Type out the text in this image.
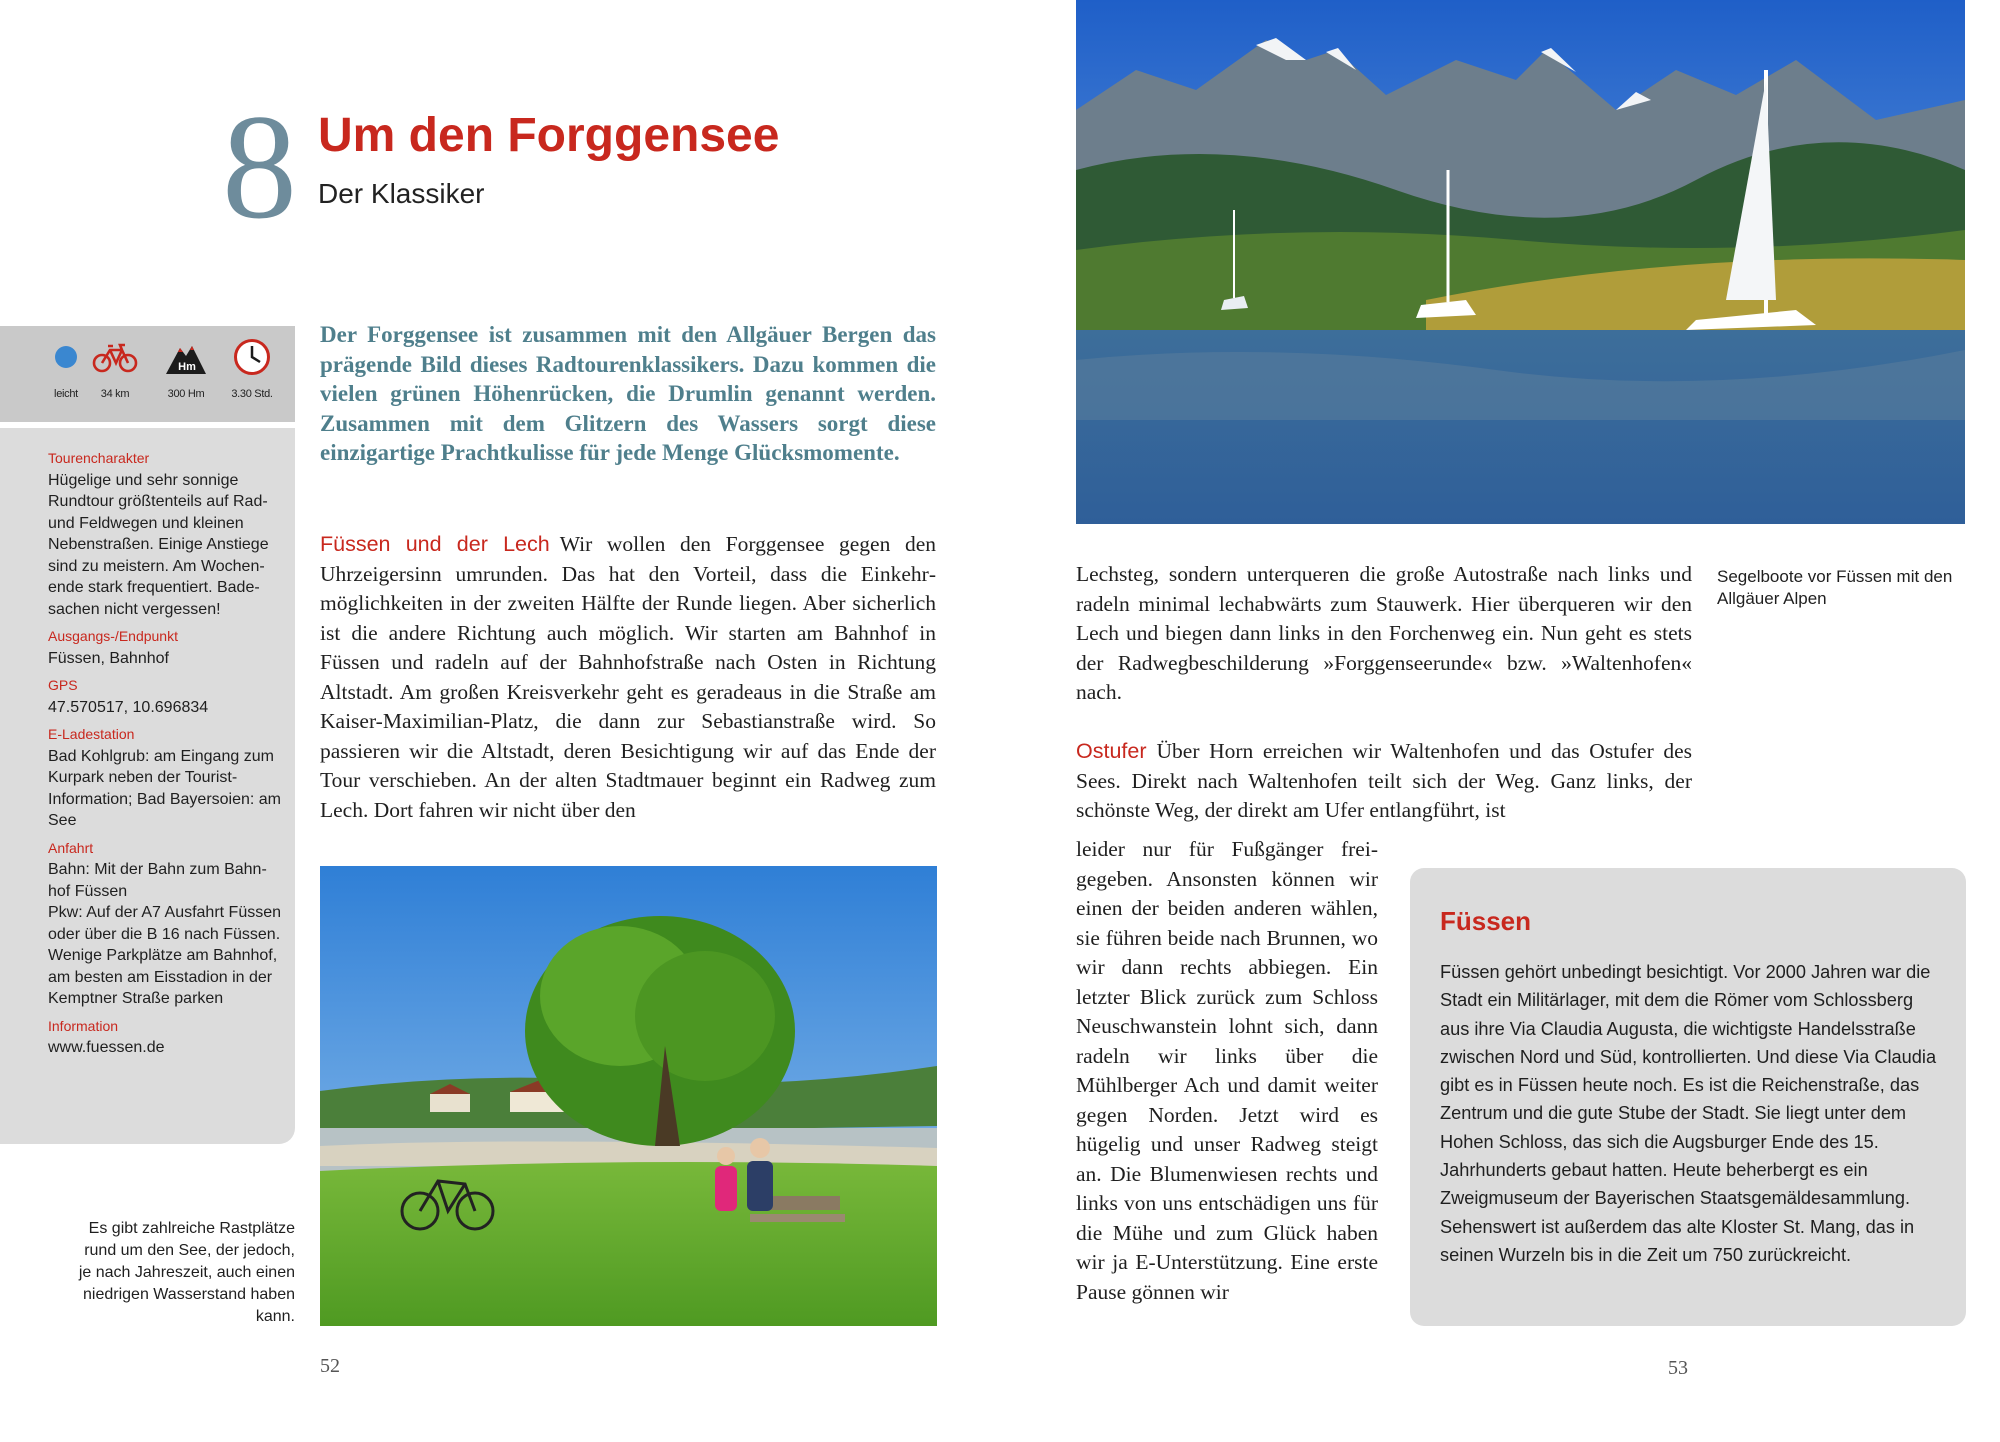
8 Um den Forggensee
Der Klassiker
leicht	34 km
Hm
300 Hm	3.30 Std.
Tourencharakter
Hügelige und sehr sonnige Rundtour größtenteils auf Rad- und Feldwegen und kleinen Nebenstraßen. Einige Anstiege sind zu meistern. Am Wochenende stark frequentiert. Badesachen nicht vergessen!
Ausgangs-/Endpunkt
Füssen, Bahnhof
GPS
47.570517, 10.696834
E-Ladestation
Bad Kohlgrub: am Eingang zum Kurpark neben der Tourist-Information; Bad Bayersoien: am See
Anfahrt
Bahn: Mit der Bahn zum Bahnhof Füssen
Pkw: Auf der A7 Ausfahrt Füssen oder über die B 16 nach Füssen. Wenige Parkplätze am Bahnhof, am besten am Eisstadion in der Kemptner Straße parken
Information
www.fuessen.de
Es gibt zahlreiche Rastplätze
rund um den See, der jedoch,
je nach Jahreszeit, auch einen
niedrigen Wasserstand haben
kann.
Der Forggensee ist zusammen mit den Allgäuer Bergen das prägende Bild dieses Radtourenklassikers. Dazu kommen die vielen grünen Höhenrücken, die Drumlin genannt werden. Zusammen mit dem Glitzern des Wassers sorgt diese einzigartige Prachtkulisse für jede Menge Glücksmomente.
Füssen und der Lech Wir wollen den Forggensee gegen den Uhrzeigersinn umrunden. Das hat den Vorteil, dass die Einkehrmöglichkeiten in der zweiten Hälfte der Runde liegen. Aber sicherlich ist die andere Richtung auch möglich. Wir starten am Bahnhof in Füssen und radeln auf der Bahnhofstraße nach Osten in Richtung Altstadt. Am großen Kreisverkehr geht es geradeaus in die Straße am Kaiser-Maximilian-Platz, die dann zur Sebastianstraße wird. So passieren wir die Altstadt, deren Besichtigung wir auf das Ende der Tour verschieben. An der alten Stadtmauer beginnt ein Radweg zum Lech. Dort fahren wir nicht über den
52
Lechsteg, sondern unterqueren die große Autostraße nach links und radeln minimal lechabwärts zum Stauwerk. Hier überqueren wir den Lech und biegen dann links in den Forchenweg ein. Nun geht es stets der Radwegbeschilderung »Forggenseerunde« bzw. »Waltenhofen« nach.
Ostufer Über Horn erreichen wir Waltenhofen und das Ostufer des Sees. Direkt nach Waltenhofen teilt sich der Weg. Ganz links, der schönste Weg, der direkt am Ufer entlangführt, ist
leider nur für Fußgänger freigegeben. Ansonsten können wir einen der beiden anderen wählen, sie führen beide nach Brunnen, wo wir dann rechts abbiegen. Ein letzter Blick zurück zum Schloss Neuschwanstein lohnt sich, dann radeln wir links über die Mühlberger Ach und damit weiter gegen Norden. Jetzt wird es hügelig und unser Radweg steigt an. Die Blumenwiesen rechts und links von uns entschädigen uns für die Mühe und zum Glück haben wir ja E-Unterstützung. Eine erste Pause gönnen wir
Segelboote vor Füssen mit den Allgäuer Alpen
Füssen
Füssen gehört unbedingt besichtigt. Vor 2000 Jahren war die Stadt ein Militärlager, mit dem die Römer vom Schlossberg aus ihre Via Claudia Augusta, die wichtigste Handelsstraße zwischen Nord und Süd, kontrollierten. Und diese Via Claudia gibt es in Füssen heute noch. Es ist die Reichenstraße, das Zentrum und die gute Stube der Stadt. Sie liegt unter dem Hohen Schloss, das sich die Augsburger Ende des 15. Jahrhunderts gebaut hatten. Heute beherbergt es ein Zweigmuseum der Bayerischen Staatsgemäldesammlung. Sehenswert ist außerdem das alte Kloster St. Mang, das in seinen Wurzeln bis in die Zeit um 750 zurückreicht.
53
